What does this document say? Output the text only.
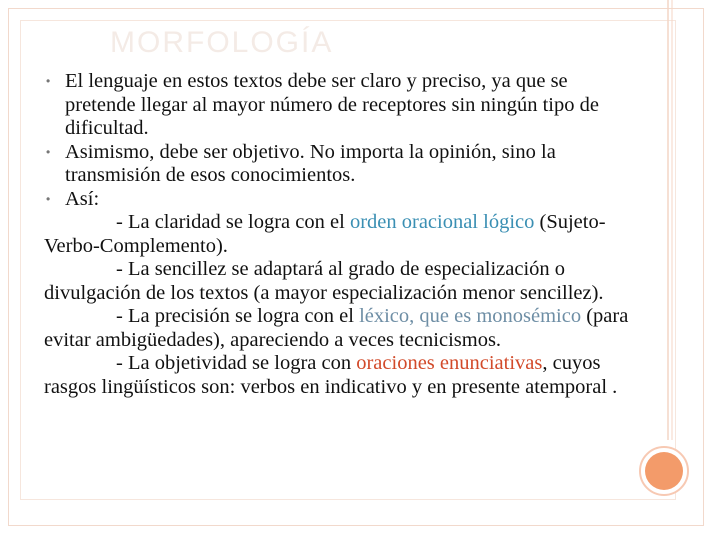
MORFOLOGÍA
• El lenguaje en estos textos debe ser claro y preciso, ya que se
pretende llegar al mayor número de receptores sin ningún tipo de
dificultad.
• Asimismo, debe ser objetivo. No importa la opinión, sino la
transmisión de esos conocimientos.
• Así:
- La claridad se logra con el orden oracional lógico (Sujeto-
Verbo-Complemento).
- La sencillez se adaptará al grado de especialización o
divulgación de los textos (a mayor especialización menor sencillez).
- La precisión se logra con el léxico, que es monosémico (para
evitar ambigüedades), apareciendo a veces tecnicismos.
- La objetividad se logra con oraciones enunciativas, cuyos
rasgos lingüísticos son: verbos en indicativo y en presente atemporal .
